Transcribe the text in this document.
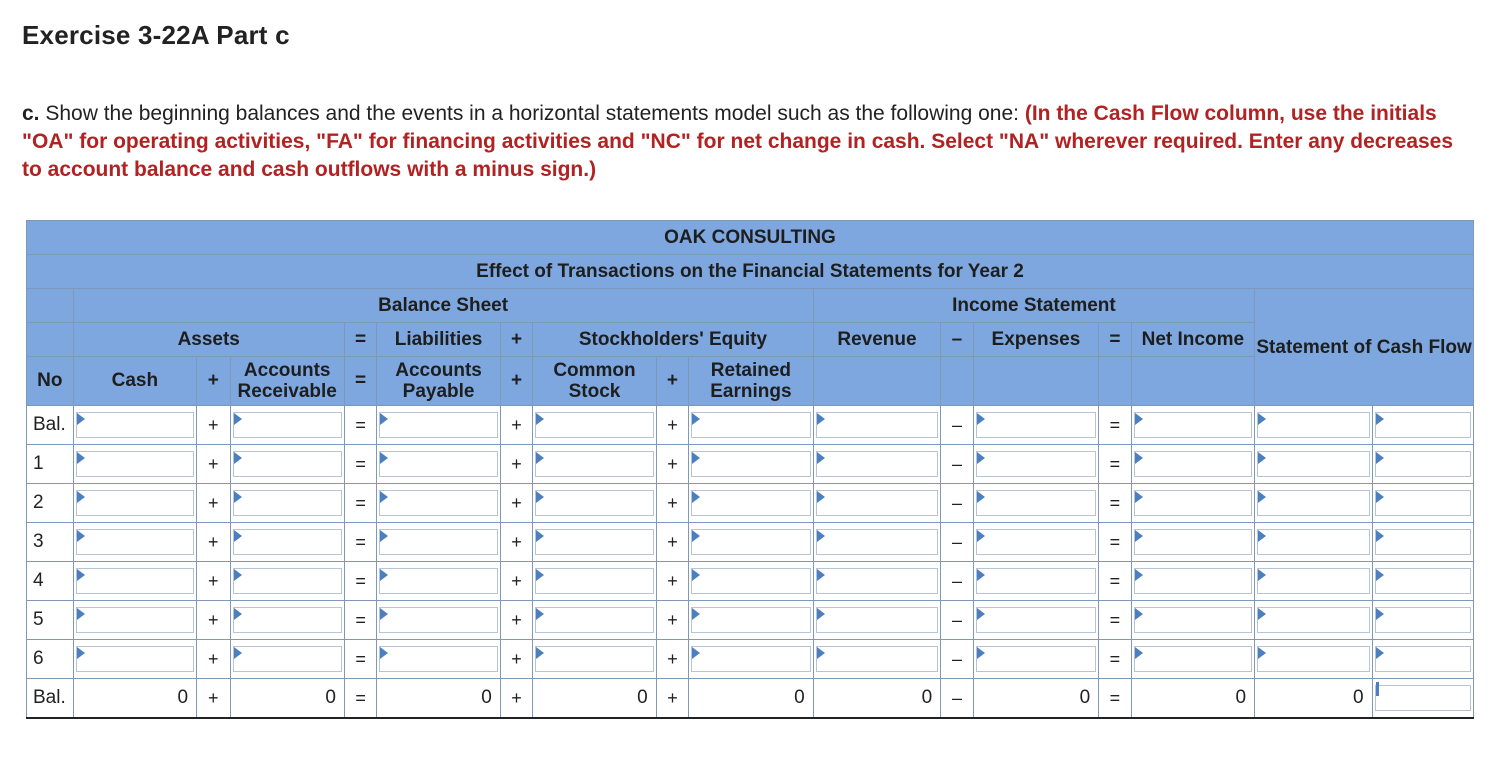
Exercise 3-22A Part c
c. Show the beginning balances and the events in a horizontal statements model such as the following one: (In the Cash Flow column, use the initials "OA" for operating activities, "FA" for financing activities and "NC" for net change in cash. Select "NA" wherever required. Enter any decreases to account balance and cash outflows with a minus sign.)
OAK CONSULTING																
Effect of Transactions on the Financial Statements for Year 2																
	Balance Sheet									Income Statement					Statement of Cash Flow	
	Assets			=	Liabilities	+	Stockholders' Equity			Revenue	–	Expenses	=	Net Income		
No	Cash	+	Accounts Receivable	=	Accounts Payable	+	Common Stock	+	Retained Earnings							
Bal.		+		=		+		+			–		=	

1		+		=		+		+			–		=	

2		+		=		+		+			–		=	

3		+		=		+		+			–		=	

4		+		=		+		+			–		=	

5		+		=		+		+			–		=	

6		+		=		+		+			–		=	

Bal.	0	+	0	=	0	+	0	+	0	0	–	0	=	0	0	
